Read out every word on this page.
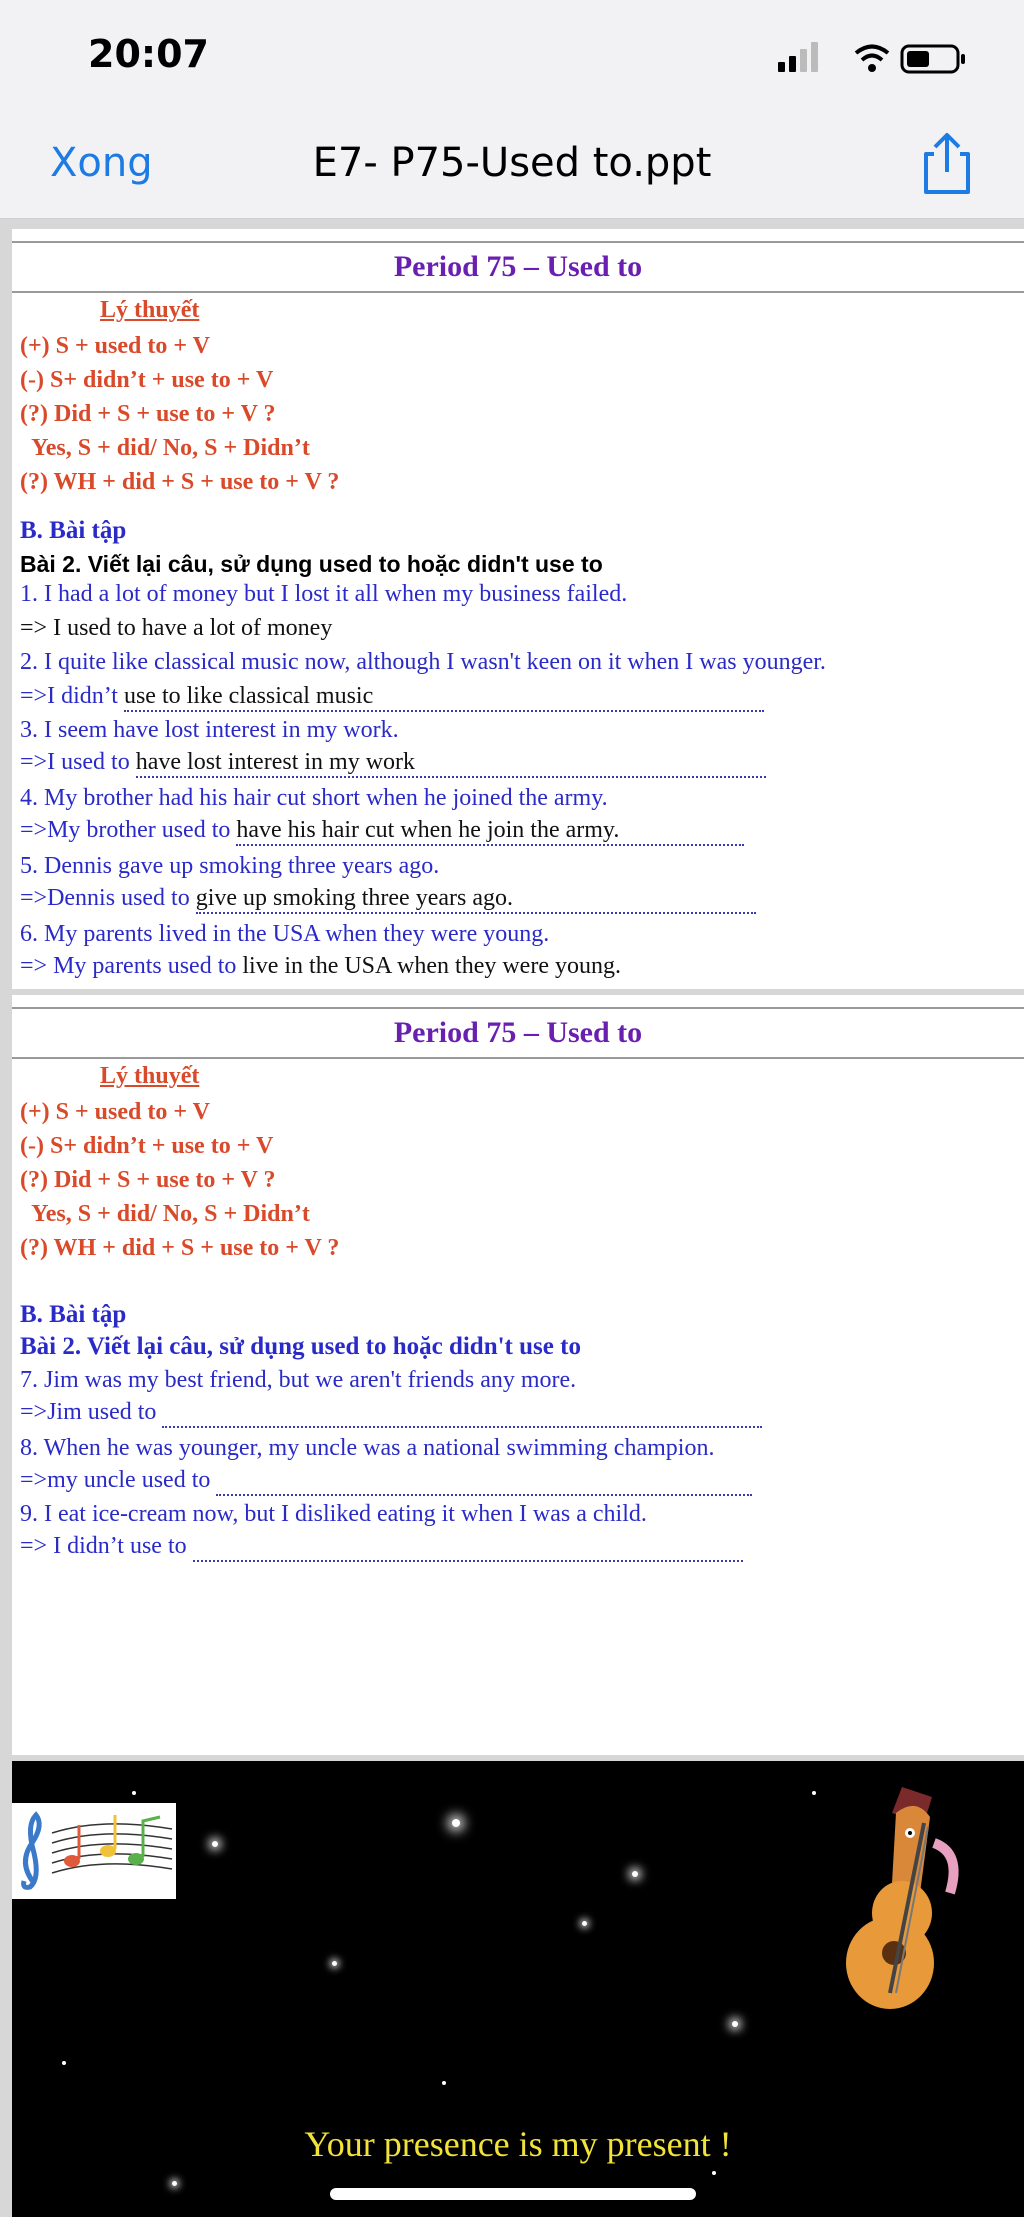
20:07
Xong	E7- P75-Used to.ppt
Period 75 – Used to
Lý thuyết
(+) S + used to + V
(-) S+ didn’t + use to + V
(?) Did + S + use to + V ?
Yes, S + did/ No, S + Didn’t
(?) WH + did + S + use to + V ?
B. Bài tập
Bài 2. Viết lại câu, sử dụng used to hoặc didn't use to
1. I had a lot of money but I lost it all when my business failed.
=> I used to have a lot of money
2. I quite like classical music now, although I wasn't keen on it when I was younger.
=>I didn’t use to like classical music
3. I seem have lost interest in my work.
=>I used to have lost interest in my work
4. My brother had his hair cut short when he joined the army.
=>My brother used to have his hair cut when he join the army.
5. Dennis gave up smoking three years ago.
=>Dennis used to give up smoking three years ago.
6. My parents lived in the USA when they were young.
=> My parents used to live in the USA when they were young.
Period 75 – Used to
Lý thuyết
(+) S + used to + V
(-) S+ didn’t + use to + V
(?) Did + S + use to + V ?
Yes, S + did/ No, S + Didn’t
(?) WH + did + S + use to + V ?
B. Bài tập
Bài 2. Viết lại câu, sử dụng used to hoặc didn't use to
7. Jim was my best friend, but we aren't friends any more.
=>Jim used to
8. When he was younger, my uncle was a national swimming champion.
=>my uncle used to
9. I eat ice-cream now, but I disliked eating it when I was a child.
=> I didn’t use to
Your presence is my present !
